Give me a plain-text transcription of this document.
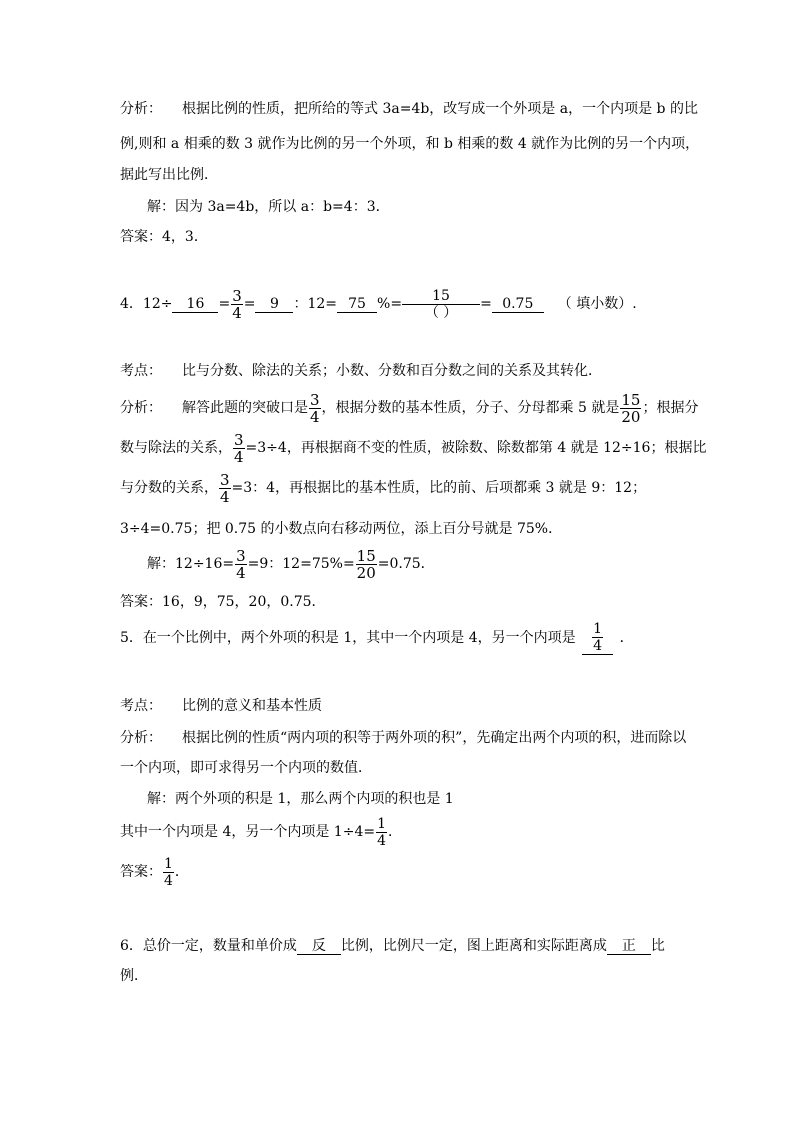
分析： 根据比例的性质，把所给的等式 3a=4b，改写成一个外项是 a，一个内项是 b 的比
例,则和 a 相乘的数 3 就作为比例的另一个外项，和 b 相乘的数 4 就作为比例的另一个内项，
据此写出比例．
解：因为 3a=4b，所以 a：b=4：3．
答案：4，3．
4．$12\div 16 = \frac{3}{4} = 9$ ：12= 75 %= $\frac{15}{( )} = 0.75$ （ 填小数）.
考点： 比与分数、除法的关系；小数、分数和百分数之间的关系及其转化．
分析： 解答此题的突破口是 $\frac{3}{4}$ ，根据分数的基本性质，分子、分母都乘 5 就是 $\frac{15}{20}$ ；根据分
数与除法的关系， $\frac{3}{4} =3\div 4$，再根据商不变的性质，被除数、除数都第 4 就是 12÷16；根据比
与分数的关系， $\frac{3}{4} =3$：4，再根据比的基本性质，比的前、后项都乘 3 就是 9：12；
3÷4=0.75；把 0.75 的小数点向右移动两位，添上百分号就是 75%．
解：$12\div 16= \frac{3}{4} =9$：$12=75\%= \frac{15}{20} =0.75$．
答案：16，9，75，20，0.75．
5．在一个比例中，两个外项的积是 1，其中一个内项是 4，另一个内项是 $\frac{1}{4}$ ．
考点： 比例的意义和基本性质
分析： 根据比例的性质“两内项的积等于两外项的积”，先确定出两个内项的积，进而除以
一个内项，即可求得另一个内项的数值．
解：两个外项的积是 1，那么两个内项的积也是 1
其中一个内项是 4，另一个内项是 $1\div 4= \frac{1}{4}$ ．
答案： $\frac{1}{4}$ ．
6．总价一定，数量和单价成 反 比例，比例尺一定，图上距离和实际距离成 正 比
例．
